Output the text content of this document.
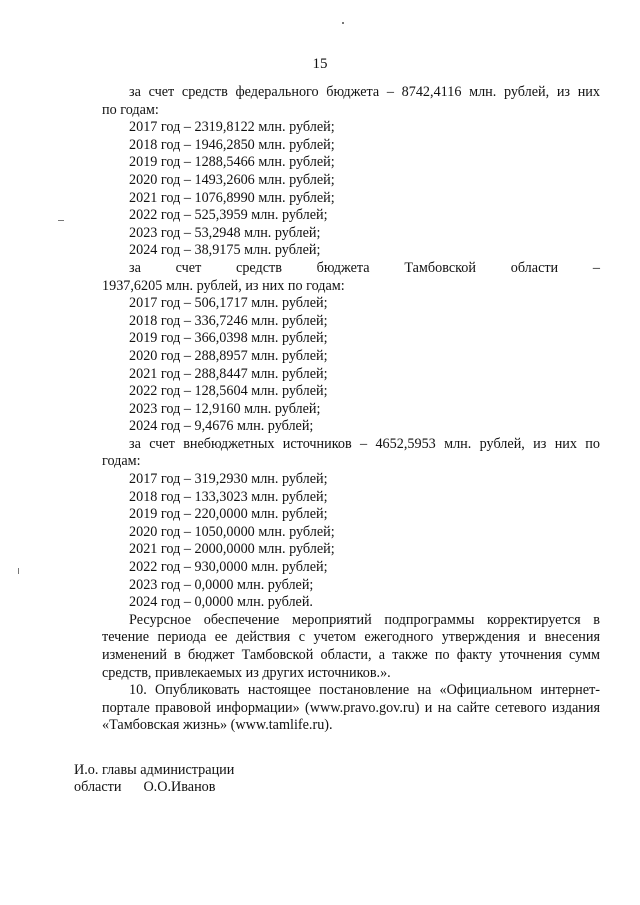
15

за счет средств федерального бюджета – 8742,4116 млн. рублей, из них

по годам:

2017 год – 2319,8122 млн. рублей;

2018 год – 1946,2850 млн. рублей;

2019 год – 1288,5466 млн. рублей;

2020 год – 1493,2606 млн. рублей;

2021 год – 1076,8990 млн. рублей;

2022 год – 525,3959 млн. рублей;

2023 год – 53,2948 млн. рублей;

2024 год – 38,9175 млн. рублей;

за счет средств бюджета Тамбовской области –

1937,6205 млн. рублей, из них по годам:

2017 год – 506,1717 млн. рублей;

2018 год – 336,7246 млн. рублей;

2019 год – 366,0398 млн. рублей;

2020 год – 288,8957 млн. рублей;

2021 год – 288,8447 млн. рублей;

2022 год – 128,5604 млн. рублей;

2023 год – 12,9160 млн. рублей;

2024 год – 9,4676 млн. рублей;

за счет внебюджетных источников – 4652,5953 млн. рублей, из них по

годам:

2017 год – 319,2930 млн. рублей;

2018 год – 133,3023 млн. рублей;

2019 год – 220,0000 млн. рублей;

2020 год – 1050,0000 млн. рублей;

2021 год – 2000,0000 млн. рублей;

2022 год – 930,0000 млн. рублей;

2023 год – 0,0000 млн. рублей;

2024 год – 0,0000 млн. рублей.

Ресурсное обеспечение мероприятий подпрограммы корректируется в течение периода ее действия с учетом ежегодного утверждения и внесения изменений в бюджет Тамбовской области, а также по факту уточнения сумм средств, привлекаемых из других источников.».

10. Опубликовать настоящее постановление на «Официальном интернет-портале правовой информации» (www.pravo.gov.ru) и на сайте сетевого издания «Тамбовская жизнь» (www.tamlife.ru).

И.о. главы администрации

области О.О.Иванов
